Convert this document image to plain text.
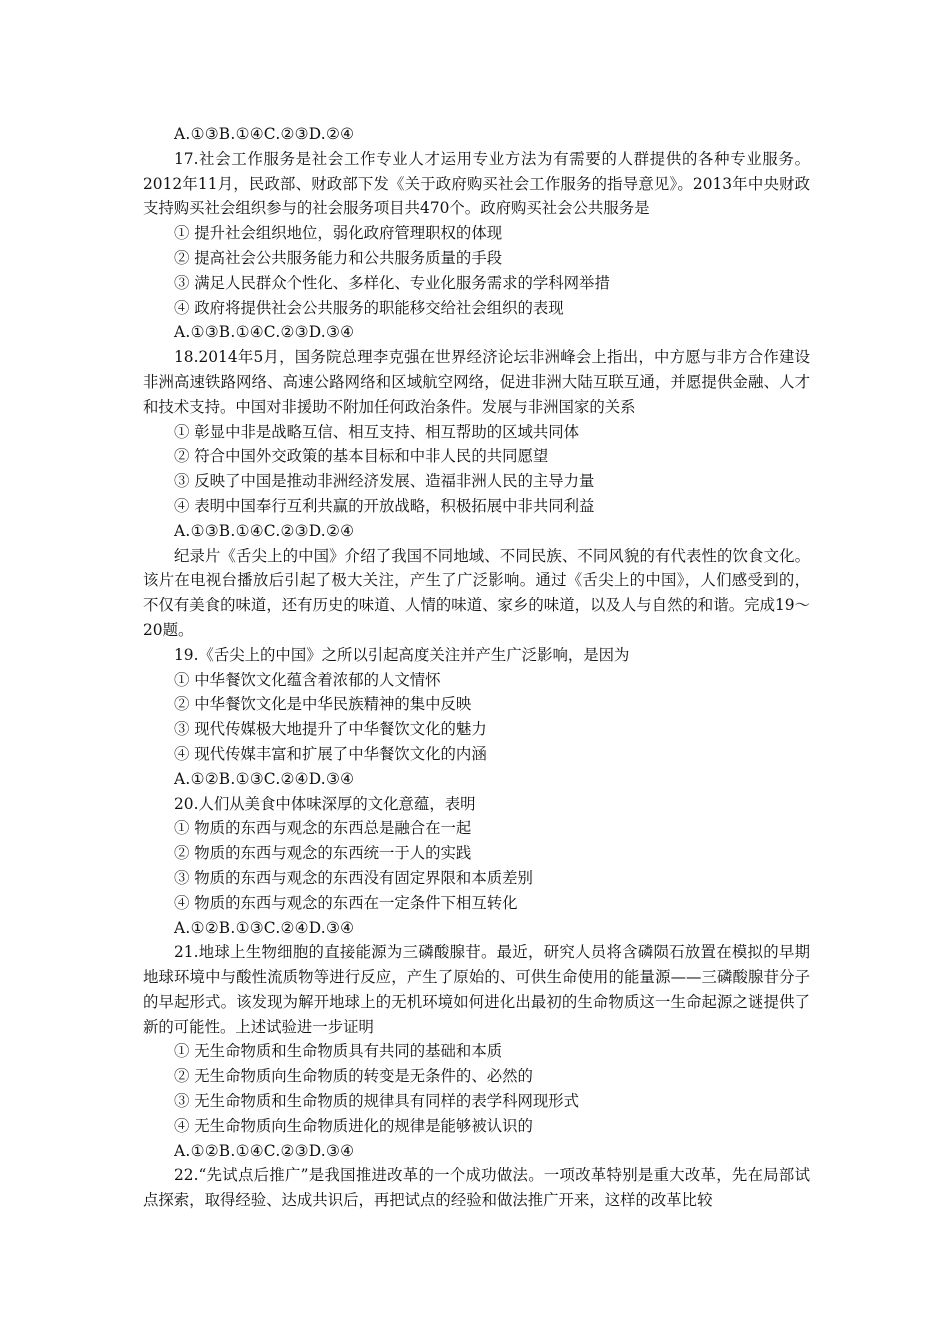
A.①③B.①④C.②③D.②④
17.社会工作服务是社会工作专业人才运用专业方法为有需要的人群提供的各种专业服务。2012年11月，民政部、财政部下发《关于政府购买社会工作服务的指导意见》。2013年中央财政支持购买社会组织参与的社会服务项目共470个。政府购买社会公共服务是
① 提升社会组织地位，弱化政府管理职权的体现
② 提高社会公共服务能力和公共服务质量的手段
③ 满足人民群众个性化、多样化、专业化服务需求的学科网举措
④ 政府将提供社会公共服务的职能移交给社会组织的表现
A.①③B.①④C.②③D.③④
18.2014年5月，国务院总理李克强在世界经济论坛非洲峰会上指出，中方愿与非方合作建设非洲高速铁路网络、高速公路网络和区域航空网络，促进非洲大陆互联互通，并愿提供金融、人才和技术支持。中国对非援助不附加任何政治条件。发展与非洲国家的关系
① 彰显中非是战略互信、相互支持、相互帮助的区域共同体
② 符合中国外交政策的基本目标和中非人民的共同愿望
③ 反映了中国是推动非洲经济发展、造福非洲人民的主导力量
④ 表明中国奉行互利共赢的开放战略，积极拓展中非共同利益
A.①③B.①④C.②③D.②④
纪录片《舌尖上的中国》介绍了我国不同地域、不同民族、不同风貌的有代表性的饮食文化。该片在电视台播放后引起了极大关注，产生了广泛影响。通过《舌尖上的中国》，人们感受到的，不仅有美食的味道，还有历史的味道、人情的味道、家乡的味道，以及人与自然的和谐。完成19～20题。
19.《舌尖上的中国》之所以引起高度关注并产生广泛影响，是因为
① 中华餐饮文化蕴含着浓郁的人文情怀
② 中华餐饮文化是中华民族精神的集中反映
③ 现代传媒极大地提升了中华餐饮文化的魅力
④ 现代传媒丰富和扩展了中华餐饮文化的内涵
A.①②B.①③C.②④D.③④
20.人们从美食中体味深厚的文化意蕴，表明
① 物质的东西与观念的东西总是融合在一起
② 物质的东西与观念的东西统一于人的实践
③ 物质的东西与观念的东西没有固定界限和本质差别
④ 物质的东西与观念的东西在一定条件下相互转化
A.①②B.①③C.②④D.③④
21.地球上生物细胞的直接能源为三磷酸腺苷。最近，研究人员将含磷陨石放置在模拟的早期地球环境中与酸性流质物等进行反应，产生了原始的、可供生命使用的能量源——三磷酸腺苷分子的早起形式。该发现为解开地球上的无机环境如何进化出最初的生命物质这一生命起源之谜提供了新的可能性。上述试验进一步证明
① 无生命物质和生命物质具有共同的基础和本质
② 无生命物质向生命物质的转变是无条件的、必然的
③ 无生命物质和生命物质的规律具有同样的表学科网现形式
④ 无生命物质向生命物质进化的规律是能够被认识的
A.①②B.①④C.②③D.③④
22.“先试点后推广”是我国推进改革的一个成功做法。一项改革特别是重大改革，先在局部试点探索，取得经验、达成共识后，再把试点的经验和做法推广开来，这样的改革比较
